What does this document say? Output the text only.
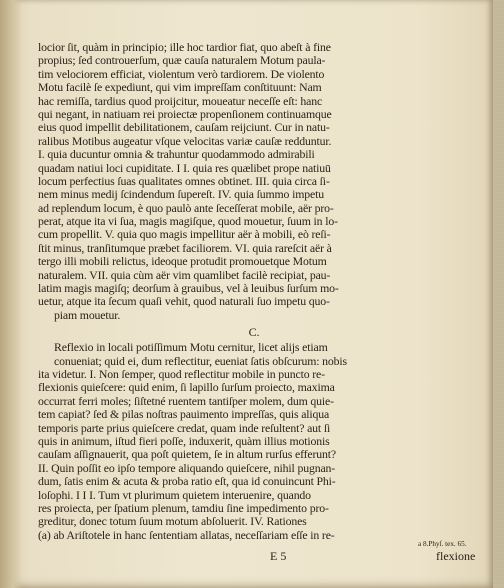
locior ſit, quàm in principio; ille hoc tardior fiat, quo abeſt à fine
propius; ſed controuerſum, quæ cauſa naturalem Motum paula-
tim velociorem efficiat, violentum verò tardiorem. De violento
Motu facilè ſe expediunt, qui vim impreſſam conſtituunt: Nam
hac remiſſa, tardius quod proijcitur, moueatur neceſſe eſt: hanc
qui negant, in natiuam rei proiectæ propenſionem continuamque
eius quod impellit debilitationem, cauſam reijciunt. Cur in natu-
ralibus Motibus augeatur vſque velocitas variæ cauſæ redduntur.
I. quia ducuntur omnia & trahuntur quodammodo admirabili
quadam natiui loci cupiditate. I I. quia res quælibet prope natiuū
locum perfectius ſuas qualitates omnes obtinet. III. quia circa ſi-
nem minus medij ſcindendum ſupereſt. IV. quia ſummo impetu
ad replendum locum, è quo paulò ante ſeceſſerat mobile, aër pro-
perat, atque ita vi ſua, magis magiſque, quod mouetur, ſuum in lo-
cum propellit. V. quia quo magis impellitur aër à mobili, eò reſi-
ſtit minus, tranſitumque præbet faciliorem. VI. quia rareſcit aër à
tergo illi mobili relictus, ideoque protudit promouetque Motum
naturalem. VII. quia cùm aër vim quamlibet facilè recipiat, pau-
latim magis magiſq; deorſum à grauibus, vel à leuibus ſurſum mo-
uetur, atque ita ſecum quaſi vehit, quod naturali ſuo impetu quo-
piam mouetur.
C.
Reflexio in locali potiſſimum Motu cernitur, licet alijs etiam
conueniat; quid ei, dum reflectitur, eueniat ſatis obſcurum: nobis
ita videtur. I. Non ſemper, quod reflectitur mobile in puncto re-
flexionis quieſcere: quid enim, ſi lapillo ſurſum proiecto, maxima
occurrat ferri moles; ſiſtetné ruentem tantiſper molem, dum quie-
tem capiat? ſed & pilas noſtras pauimento impreſſas, quis aliqua
temporis parte prius quieſcere credat, quam inde reſultent? aut ſi
quis in animum, iſtud fieri poſſe, induxerit, quàm illius motionis
cauſam aſſignauerit, qua poſt quietem, ſe in altum rurſus efferunt?
II. Quin poſſit eo ipſo tempore aliquando quieſcere, nihil pugnan-
dum, ſatis enim & acuta & proba ratio eſt, qua id conuincunt Phi-
loſophi. I I I. Tum vt plurimum quietem interuenire, quando
res proiecta, per ſpatium plenum, tamdiu ſine impedimento pro-
greditur, donec totum ſuum motum abſoluerit. IV. Rationes
(a) ab Ariſtotele in hanc ſententiam allatas, neceſſariam eſſe in re-
a 8.Phyſ. tex. 65.
E 5	flexione
